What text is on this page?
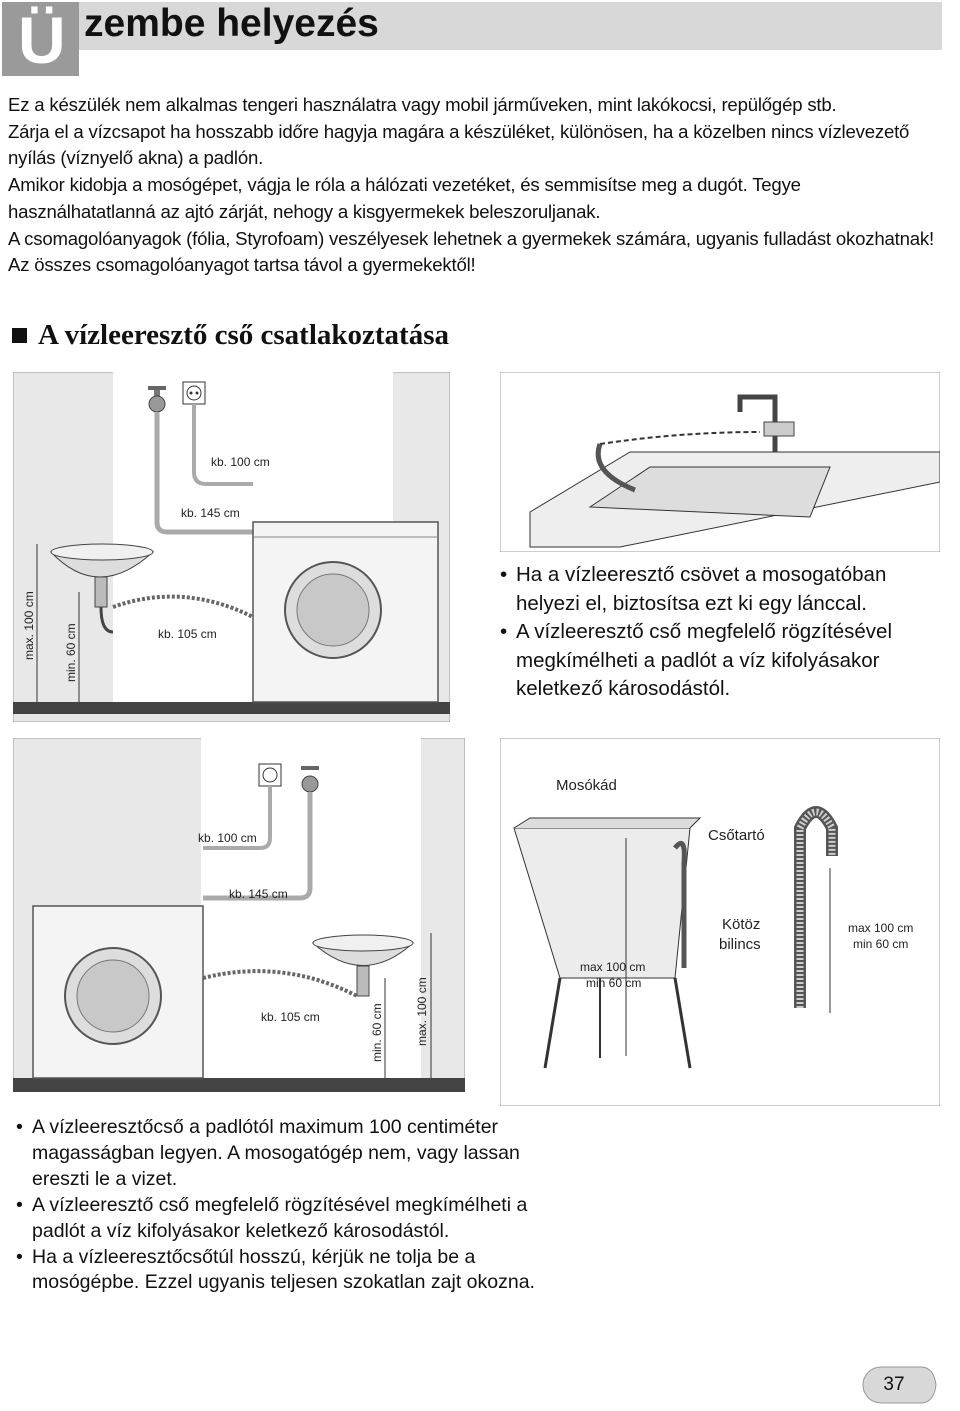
Ü zembe helyezés

Ez a készülék nem alkalmas tengeri használatra vagy mobil járműveken, mint lakókocsi, repülőgép stb.

Zárja el a vízcsapot ha hosszabb időre hagyja magára a készüléket, különösen, ha a közelben nincs vízlevezető nyílás (víznyelő akna) a padlón.

Amikor kidobja a mosógépet, vágja le róla a hálózati vezetéket, és semmisítse meg a dugót. Tegye használhatatlanná az ajtó zárját, nehogy a kisgyermekek beleszoruljanak.

A csomagolóanyagok (fólia, Styrofoam) veszélyesek lehetnek a gyermekek számára, ugyanis fulladást okozhatnak!

Az összes csomagolóanyagot tartsa távol a gyermekektől!

A vízleeresztő cső csatlakoztatása
kb. 100 cm
kb. 145 cm
kb. 105 cm
max. 100 cm min. 60 cm
• Ha a vízleeresztő csövet a mosogatóban helyezi el, biztosítsa ezt ki egy lánccal.
• A vízleeresztő cső megfelelő rögzítésével megkímélheti a padlót a víz kifolyásakor keletkező károsodástól.
kb. 100 cm
kb. 145 cm
kb. 105 cm	min. 60 cm	max. 100 cm
Mosókád
Csőtartó
max 100 cm
min 60 cm
Kötöz
bilincs
max 100 cm
min 60 cm
• A vízleeresztőcső a padlótól maximum 100 centiméter magasságban legyen. A mosogatógép nem, vagy lassan ereszti le a vizet.
• A vízleeresztő cső megfelelő rögzítésével megkímélheti a padlót a víz kifolyásakor keletkező károsodástól.
• Ha a vízleeresztőcsőtúl hosszú, kérjük ne tolja be a mosógépbe. Ezzel ugyanis teljesen szokatlan zajt okozna.
37
